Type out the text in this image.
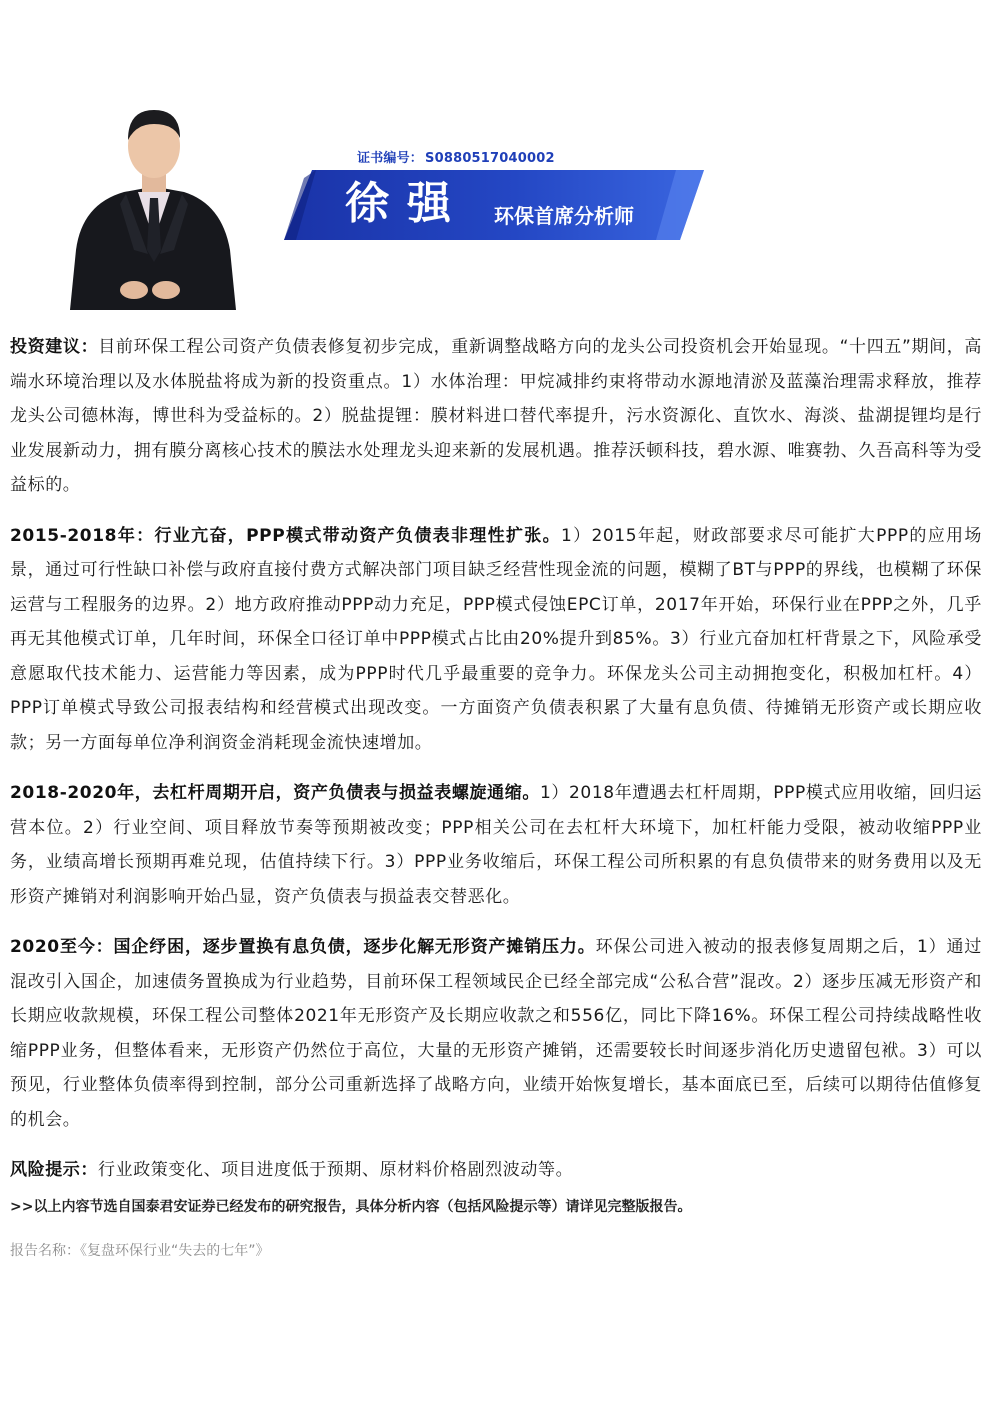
证书编号： S0880517040002
徐强 环保首席分析师

投资建议：目前环保工程公司资产负债表修复初步完成，重新调整战略方向的龙头公司投资机会开始显现。“十四五”期间，高端水环境治理以及水体脱盐将成为新的投资重点。1）水体治理：甲烷减排约束将带动水源地清淤及蓝藻治理需求释放，推荐龙头公司德林海，博世科为受益标的。2）脱盐提锂：膜材料进口替代率提升，污水资源化、直饮水、海淡、盐湖提锂均是行业发展新动力，拥有膜分离核心技术的膜法水处理龙头迎来新的发展机遇。推荐沃顿科技，碧水源、唯赛勃、久吾高科等为受益标的。

2015-2018年：行业亢奋，PPP模式带动资产负债表非理性扩张。1）2015年起，财政部要求尽可能扩大PPP的应用场景，通过可行性缺口补偿与政府直接付费方式解决部门项目缺乏经营性现金流的问题，模糊了BT与PPP的界线，也模糊了环保运营与工程服务的边界。2）地方政府推动PPP动力充足，PPP模式侵蚀EPC订单，2017年开始，环保行业在PPP之外，几乎再无其他模式订单，几年时间，环保全口径订单中PPP模式占比由20%提升到85%。3）行业亢奋加杠杆背景之下，风险承受意愿取代技术能力、运营能力等因素，成为PPP时代几乎最重要的竞争力。环保龙头公司主动拥抱变化，积极加杠杆。4）PPP订单模式导致公司报表结构和经营模式出现改变。一方面资产负债表积累了大量有息负债、待摊销无形资产或长期应收款；另一方面每单位净利润资金消耗现金流快速增加。

2018-2020年，去杠杆周期开启，资产负债表与损益表螺旋通缩。1）2018年遭遇去杠杆周期，PPP模式应用收缩，回归运营本位。2）行业空间、项目释放节奏等预期被改变；PPP相关公司在去杠杆大环境下，加杠杆能力受限，被动收缩PPP业务，业绩高增长预期再难兑现，估值持续下行。3）PPP业务收缩后，环保工程公司所积累的有息负债带来的财务费用以及无形资产摊销对利润影响开始凸显，资产负债表与损益表交替恶化。

2020至今：国企纾困，逐步置换有息负债，逐步化解无形资产摊销压力。环保公司进入被动的报表修复周期之后，1）通过混改引入国企，加速债务置换成为行业趋势，目前环保工程领域民企已经全部完成“公私合营”混改。2）逐步压减无形资产和长期应收款规模，环保工程公司整体2021年无形资产及长期应收款之和556亿，同比下降16%。环保工程公司持续战略性收缩PPP业务，但整体看来，无形资产仍然位于高位，大量的无形资产摊销，还需要较长时间逐步消化历史遗留包袱。3）可以预见，行业整体负债率得到控制，部分公司重新选择了战略方向，业绩开始恢复增长，基本面底已至，后续可以期待估值修复的机会。

风险提示：行业政策变化、项目进度低于预期、原材料价格剧烈波动等。

>>以上内容节选自国泰君安证券已经发布的研究报告，具体分析内容（包括风险提示等）请详见完整版报告。

报告名称：《复盘环保行业“失去的七年”》
